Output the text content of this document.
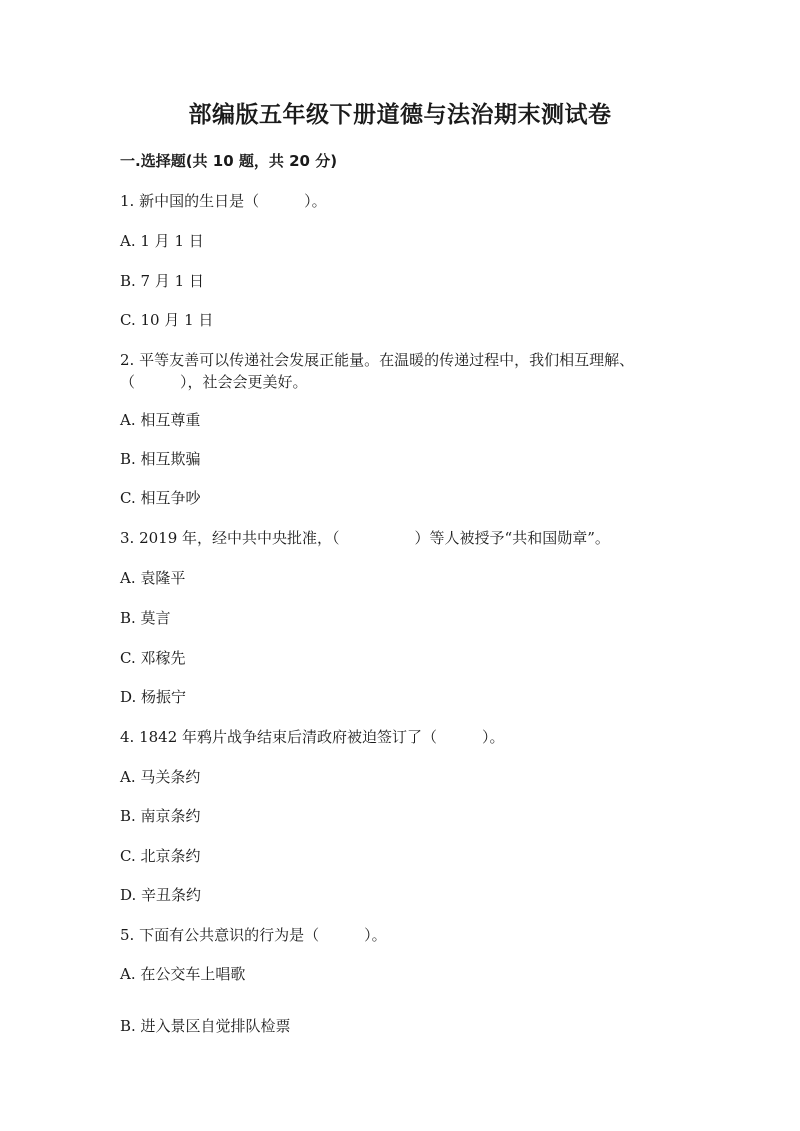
部编版五年级下册道德与法治期末测试卷
一.选择题(共 10 题，共 20 分)
1. 新中国的生日是（　　　）。
A. 1 月 1 日
B. 7 月 1 日
C. 10 月 1 日
2. 平等友善可以传递社会发展正能量。在温暖的传递过程中，我们相互理解、
（　　　），社会会更美好。
A. 相互尊重
B. 相互欺骗
C. 相互争吵
3. 2019 年，经中共中央批准，（　　　　　）等人被授予“共和国勋章”。
A. 袁隆平
B. 莫言
C. 邓稼先
D. 杨振宁
4. 1842 年鸦片战争结束后清政府被迫签订了（　　　）。
A. 马关条约
B. 南京条约
C. 北京条约
D. 辛丑条约
5. 下面有公共意识的行为是（　　　）。
A. 在公交车上唱歌
B. 进入景区自觉排队检票
